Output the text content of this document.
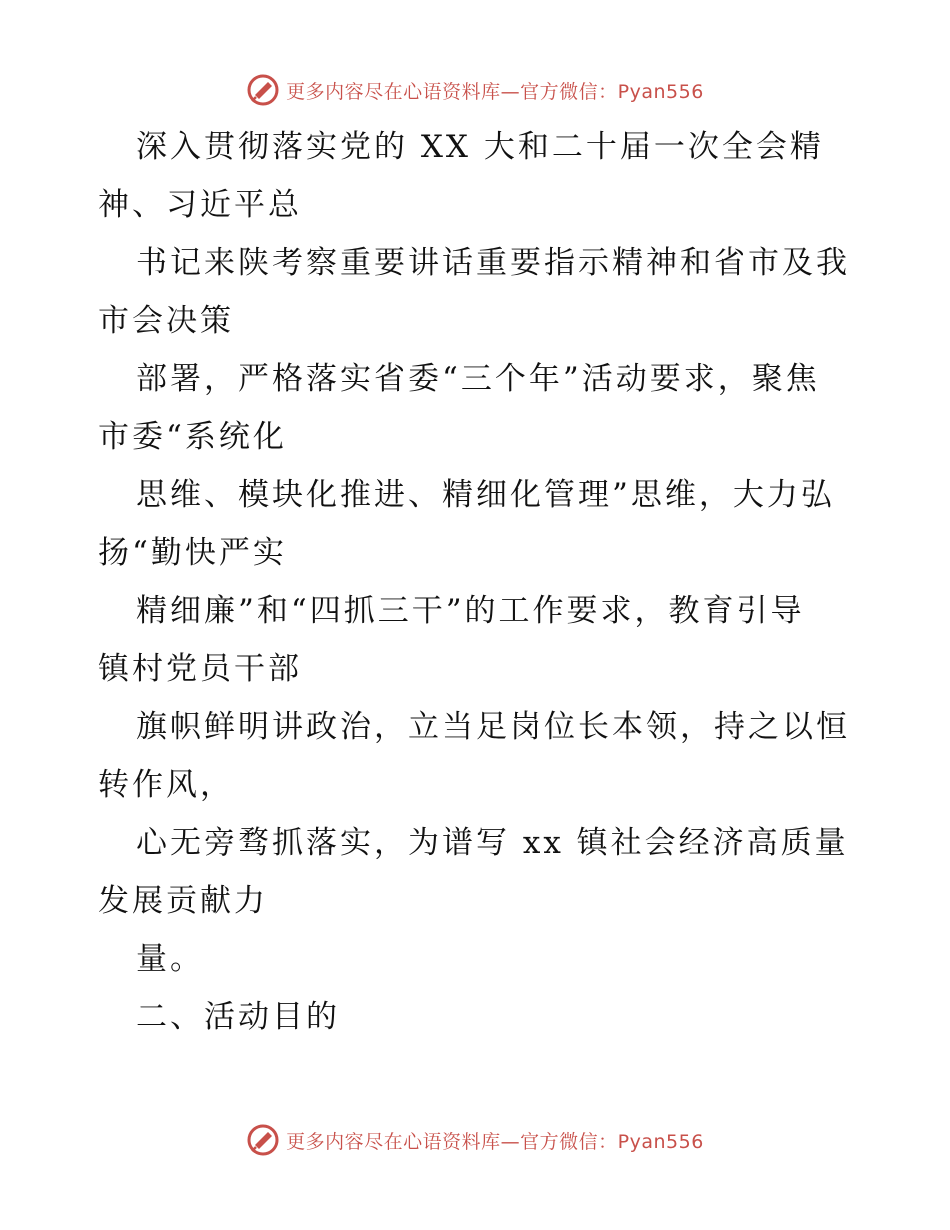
更多内容尽在心语资料库—官方微信：Pyan556

深入贯彻落实党的 XX 大和二十届一次全会精

神、习近平总

书记来陕考察重要讲话重要指示精神和省市及我

市会决策

部署，严格落实省委“三个年”活动要求，聚焦

市委“系统化

思维、模块化推进、精细化管理”思维，大力弘

扬“勤快严实

精细廉”和“四抓三干”的工作要求，教育引导

镇村党员干部

旗帜鲜明讲政治，立当足岗位长本领，持之以恒

转作风，

心无旁骛抓落实，为谱写 xx 镇社会经济高质量

发展贡献力

量。

二、活动目的

更多内容尽在心语资料库—官方微信：Pyan556
